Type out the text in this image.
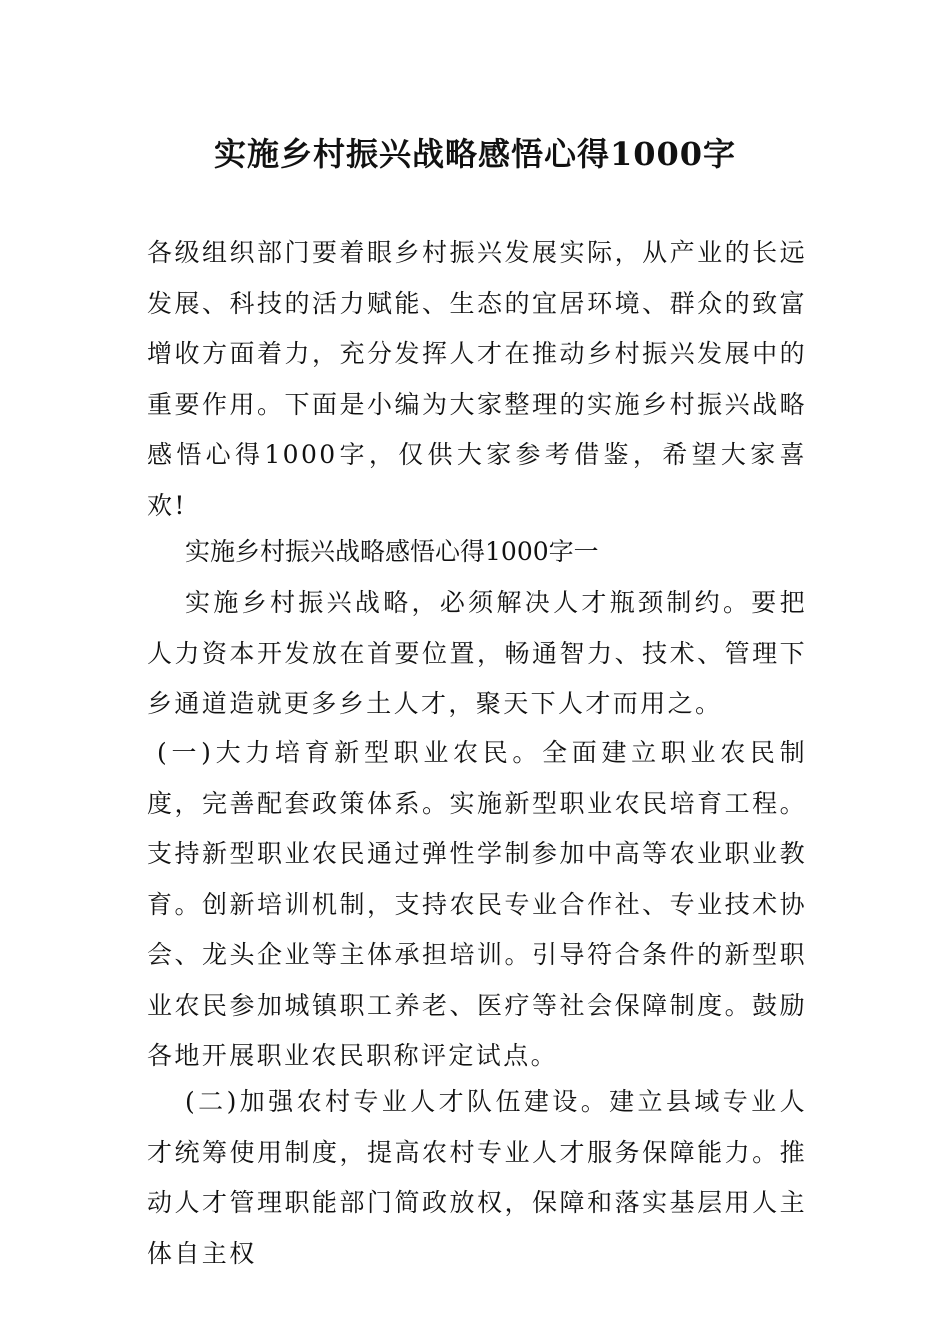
实施乡村振兴战略感悟心得1000字

各级组织部门要着眼乡村振兴发展实际，从产业的长远发展、科技的活力赋能、生态的宜居环境、群众的致富增收方面着力，充分发挥人才在推动乡村振兴发展中的重要作用。下面是小编为大家整理的实施乡村振兴战略感悟心得1000字，仅供大家参考借鉴，希望大家喜欢!

实施乡村振兴战略感悟心得1000字一

实施乡村振兴战略，必须解决人才瓶颈制约。要把人力资本开发放在首要位置，畅通智力、技术、管理下乡通道造就更多乡土人才，聚天下人才而用之。

(一)大力培育新型职业农民。全面建立职业农民制度，完善配套政策体系。实施新型职业农民培育工程。支持新型职业农民通过弹性学制参加中高等农业职业教育。创新培训机制，支持农民专业合作社、专业技术协会、龙头企业等主体承担培训。引导符合条件的新型职业农民参加城镇职工养老、医疗等社会保障制度。鼓励各地开展职业农民职称评定试点。

(二)加强农村专业人才队伍建设。建立县域专业人才统筹使用制度，提高农村专业人才服务保障能力。推动人才管理职能部门简政放权，保障和落实基层用人主体自主权
